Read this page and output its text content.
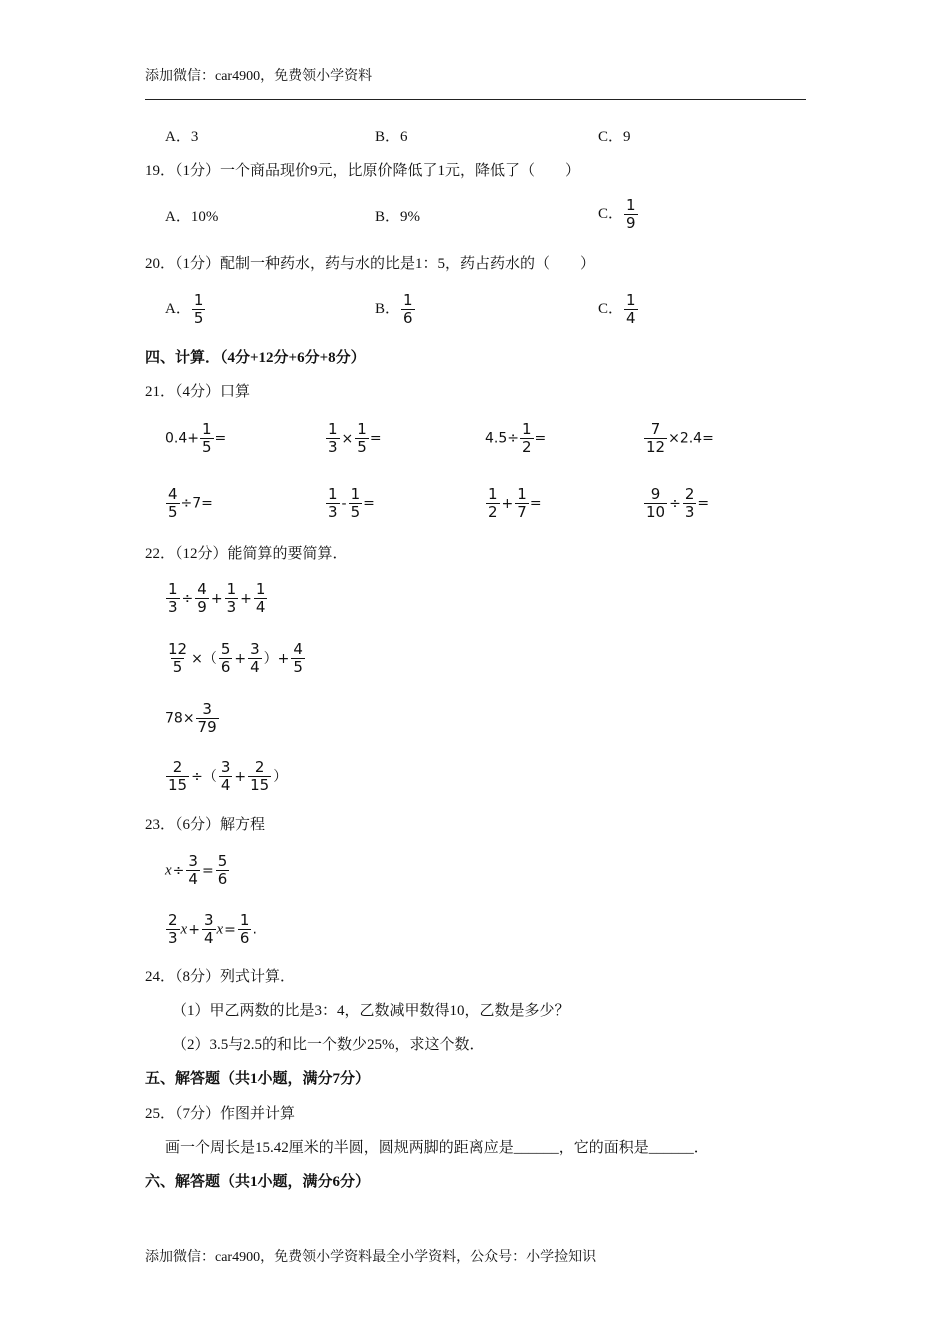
添加微信：car4900，免费领小学资料
A．3	B．6	C．9
19．（1分）一个商品现价9元，比原价降低了1元，降低了（　　）
A．10%	B．9%	C． $\frac{1}{9}$
20．（1分）配制一种药水，药与水的比是1：5，药占药水的（　　）
A． $\frac{1}{5}$	B． $\frac{1}{6}$	C． $\frac{1}{4}$
四、计算．（4分+12分+6分+8分）
21．（4分）口算
$0.4+ \frac{1}{5}$ =	$\frac{1}{3} \times \frac{1}{5}$ =	$4.5\div \frac{1}{2}$ =	$\frac{7}{12} \times 2.4=$
$\frac{4}{5} \div 7=$	$\frac{1}{3} - \frac{1}{5}$ =	$\frac{1}{2} + \frac{1}{7}$ =	$\frac{9}{10} \div \frac{2}{3}$ =
22．（12分）能简算的要简算．
$\frac{1}{3} \div \frac{4}{9} + \frac{1}{3} + \frac{1}{4}$
$\frac{12}{5}$ ×（ $\frac{5}{6} + \frac{3}{4}$ ）+ $\frac{4}{5}$
$78\times \frac{3}{79}$
$\frac{2}{15}$ ÷（ $\frac{3}{4} + \frac{2}{15}$ ）
23．（6分）解方程
$x\div \frac{3}{4} = \frac{5}{6}$
$\frac{2}{3} x+ \frac{3}{4} x= \frac{1}{6}$ .
24．（8分）列式计算．
（1）甲乙两数的比是3：4，乙数减甲数得10，乙数是多少？
（2）3.5与2.5的和比一个数少25%，求这个数．
五、解答题（共1小题，满分7分）
25．（7分）作图并计算
画一个周长是15.42厘米的半圆，圆规两脚的距离应是______，它的面积是______．
六、解答题（共1小题，满分6分）
添加微信：car4900，免费领小学资料最全小学资料，公众号：小学捡知识
